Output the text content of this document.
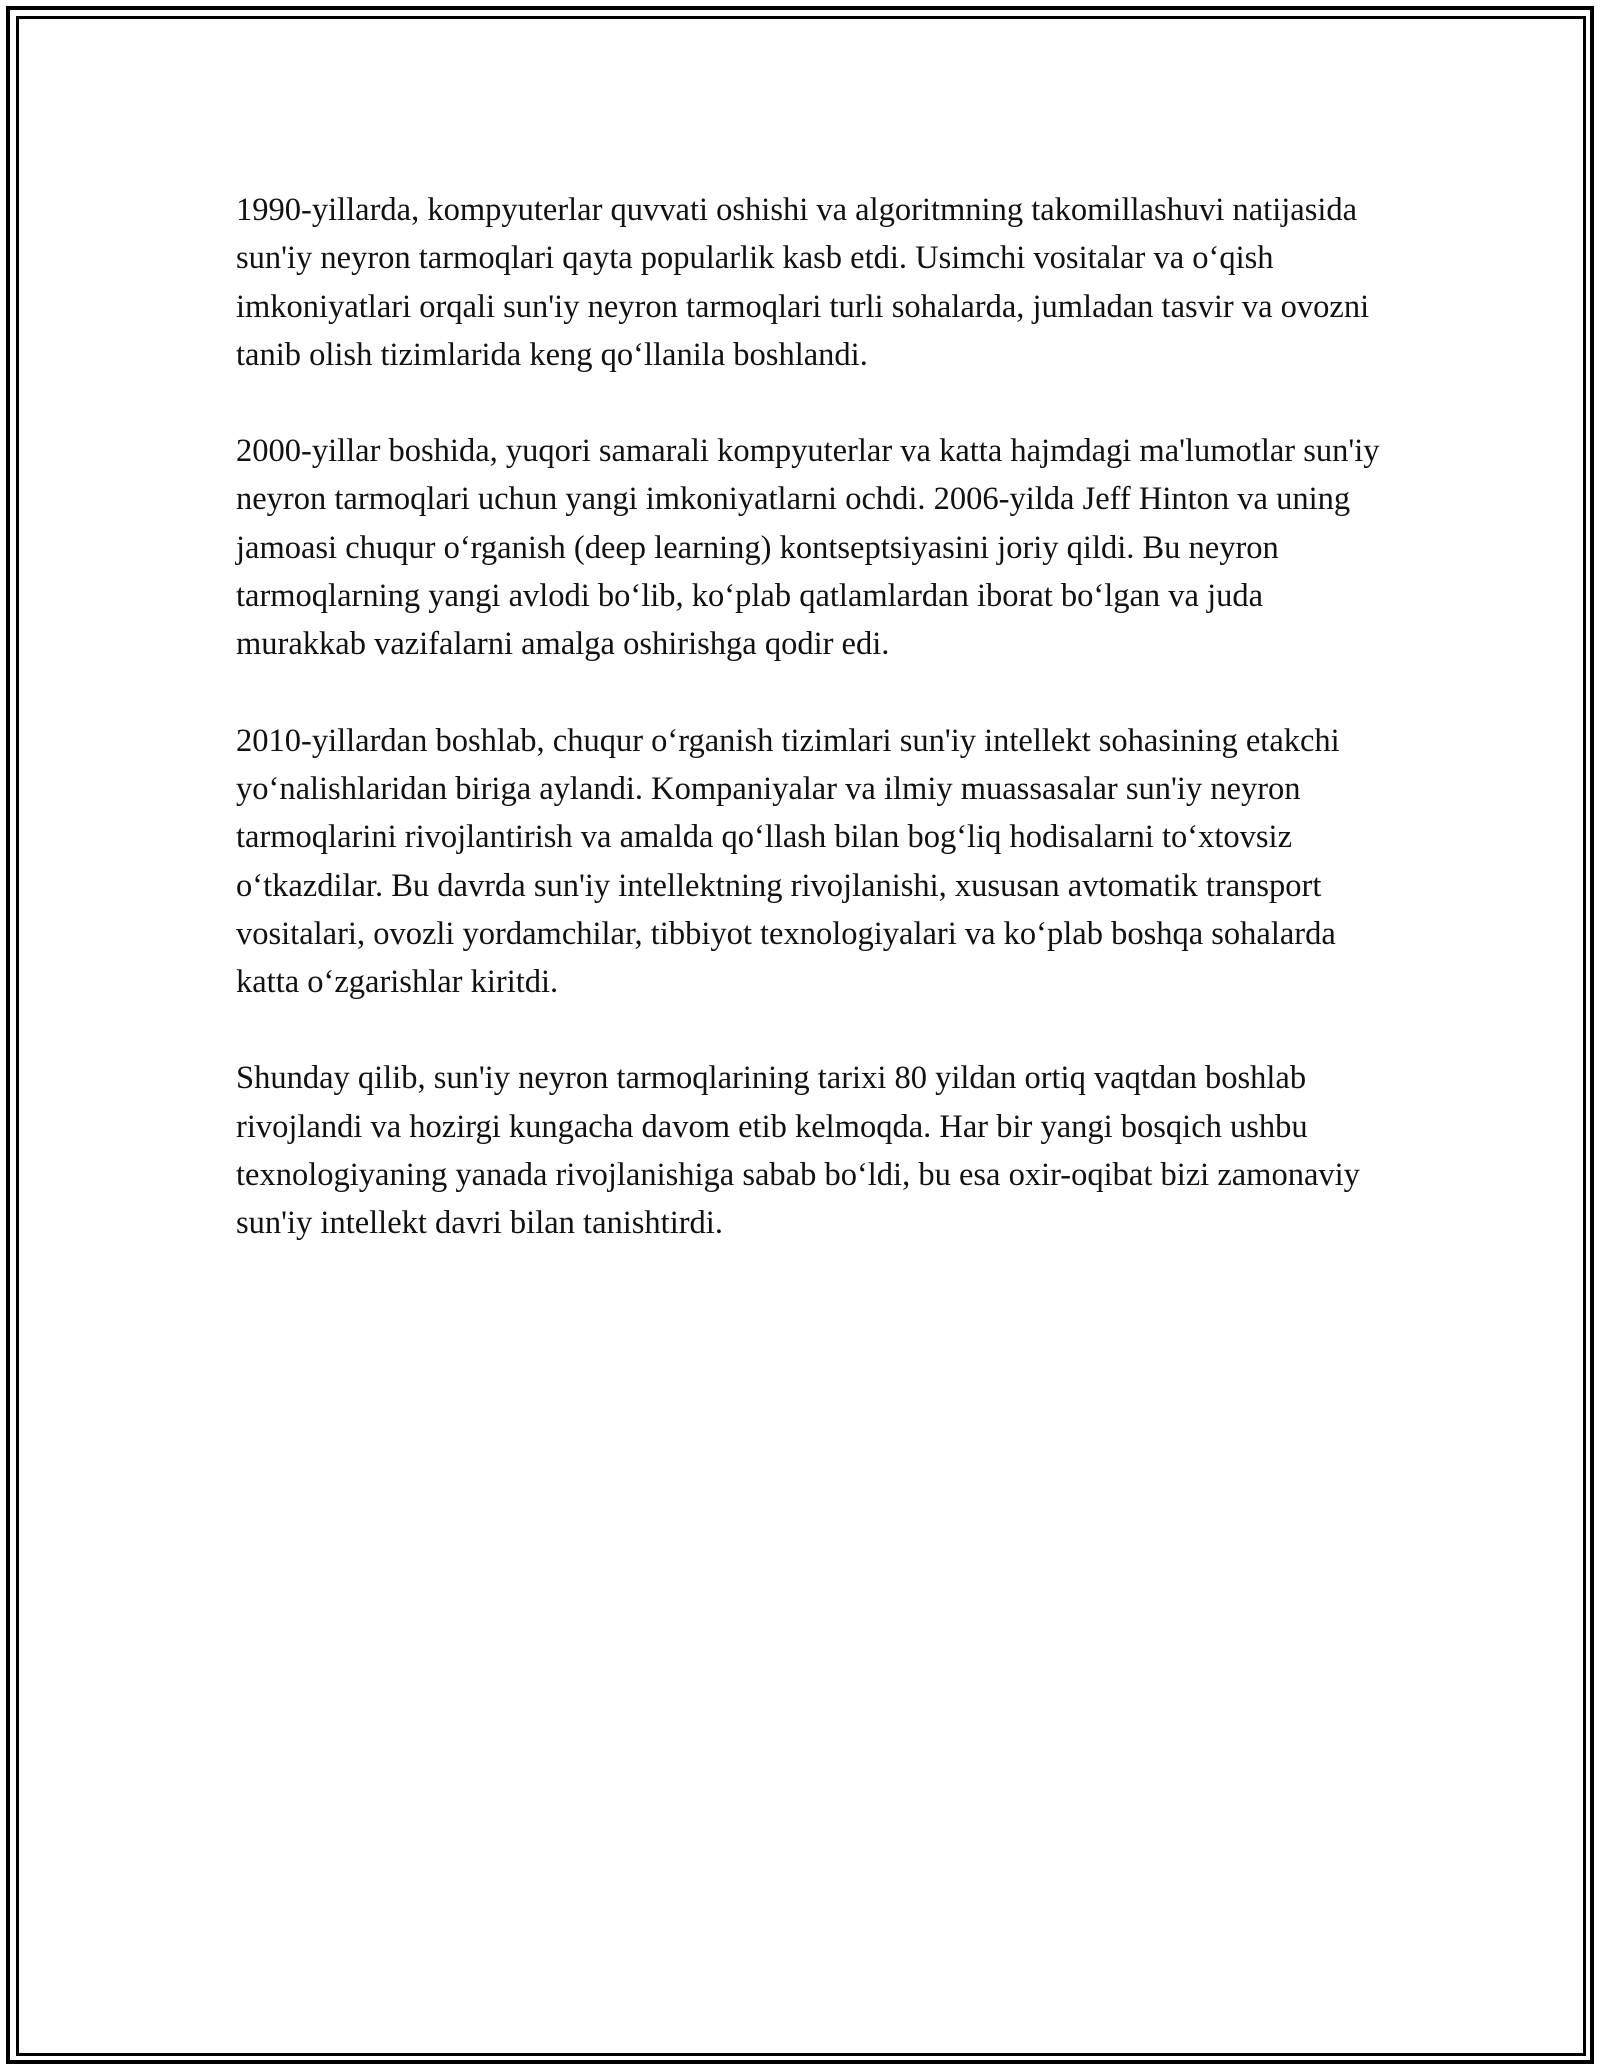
1990-yillarda, kompyuterlar quvvati oshishi va algoritmning takomillashuvi natijasida sun'iy neyron tarmoqlari qayta popularlik kasb etdi. Usimchi vositalar va o‘qish imkoniyatlari orqali sun'iy neyron tarmoqlari turli sohalarda, jumladan tasvir va ovozni tanib olish tizimlarida keng qo‘llanila boshlandi.

2000-yillar boshida, yuqori samarali kompyuterlar va katta hajmdagi ma'lumotlar sun'iy neyron tarmoqlari uchun yangi imkoniyatlarni ochdi. 2006-yilda Jeff Hinton va uning jamoasi chuqur o‘rganish (deep learning) kontseptsiyasini joriy qildi. Bu neyron tarmoqlarning yangi avlodi bo‘lib, ko‘plab qatlamlardan iborat bo‘lgan va juda murakkab vazifalarni amalga oshirishga qodir edi.

2010-yillardan boshlab, chuqur o‘rganish tizimlari sun'iy intellekt sohasining etakchi yo‘nalishlaridan biriga aylandi. Kompaniyalar va ilmiy muassasalar sun'iy neyron tarmoqlarini rivojlantirish va amalda qo‘llash bilan bog‘liq hodisalarni to‘xtovsiz o‘tkazdilar. Bu davrda sun'iy intellektning rivojlanishi, xususan avtomatik transport vositalari, ovozli yordamchilar, tibbiyot texnologiyalari va ko‘plab boshqa sohalarda katta o‘zgarishlar kiritdi.

Shunday qilib, sun'iy neyron tarmoqlarining tarixi 80 yildan ortiq vaqtdan boshlab rivojlandi va hozirgi kungacha davom etib kelmoqda. Har bir yangi bosqich ushbu texnologiyaning yanada rivojlanishiga sabab bo‘ldi, bu esa oxir-oqibat bizi zamonaviy sun'iy intellekt davri bilan tanishtirdi.
